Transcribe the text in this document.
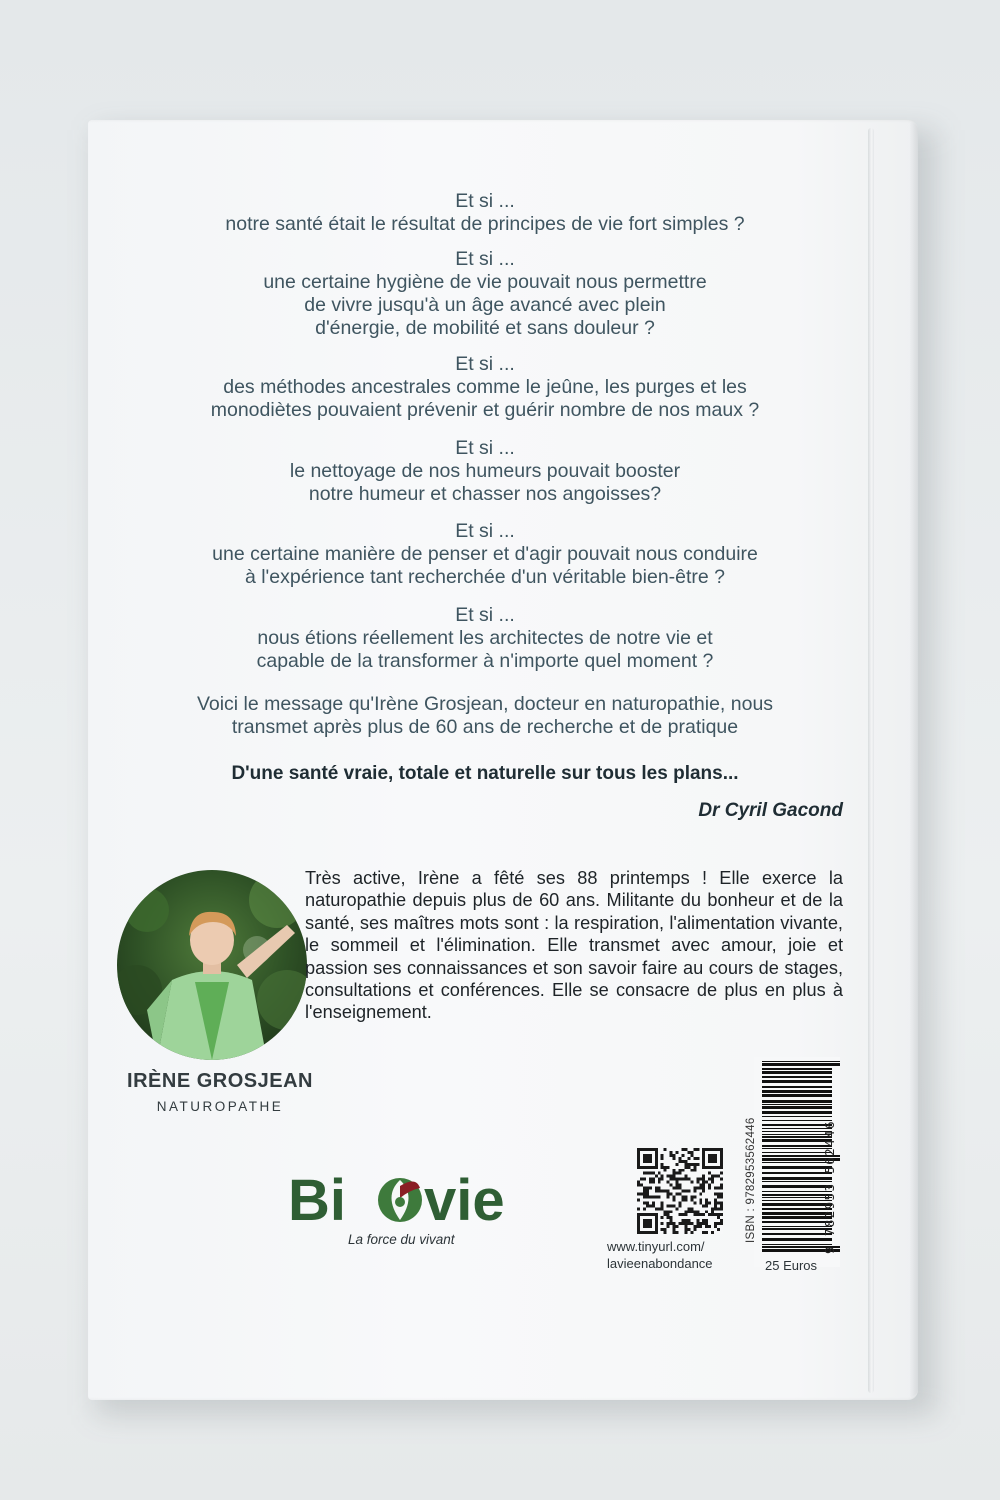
Et si ...

notre santé était le résultat de principes de vie fort simples ?

Et si ...

une certaine hygiène de vie pouvait nous permettre

de vivre jusqu'à un âge avancé avec plein

d'énergie, de mobilité et sans douleur ?

Et si ...

des méthodes ancestrales comme le jeûne, les purges et les

monodiètes pouvaient prévenir et guérir nombre de nos maux ?

Et si ...

le nettoyage de nos humeurs pouvait booster

notre humeur et chasser nos angoisses?

Et si ...

une certaine manière de penser et d'agir pouvait nous conduire

à l'expérience tant recherchée d'un véritable bien-être ?

Et si ...

nous étions réellement les architectes de notre vie et

capable de la transformer à n'importe quel moment ?

Voici le message qu'Irène Grosjean, docteur en naturopathie, nous

transmet après plus de 60 ans de recherche et de pratique

D'une santé vraie, totale et naturelle sur tous les plans...
Dr Cyril Gacond
IRÈNE GROSJEAN
NATUROPATHE
Très active, Irène a fêté ses 88 printemps ! Elle exerce la naturopathie depuis plus de 60 ans. Militante du bonheur et de la santé, ses maîtres mots sont : la respiration, l'alimentation vivante, le sommeil et l'élimination. Elle transmet avec amour, joie et passion ses connaissances et son savoir faire au cours de stages, consultations et conférences. Elle se consacre de plus en plus à l'enseignement.
Bi vie
La force du vivant	www.tinyurl.com/
lavieenabondance
ISBN : 9782953562446	9 782953 562446
25 Euros
